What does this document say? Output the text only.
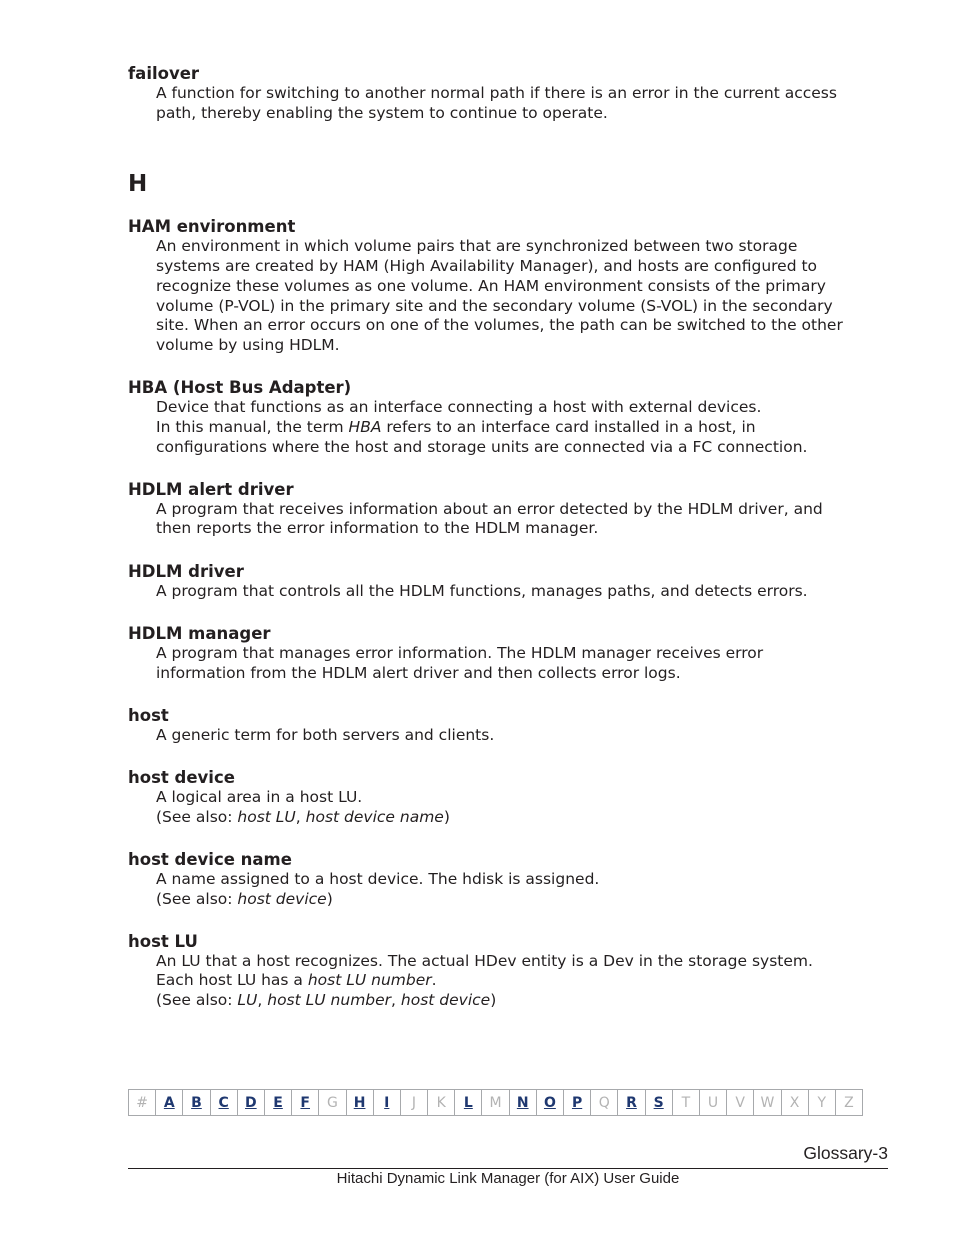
failover
A function for switching to another normal path if there is an error in the current access
path, thereby enabling the system to continue to operate.
H
HAM environment
An environment in which volume pairs that are synchronized between two storage
systems are created by HAM (High Availability Manager), and hosts are configured to
recognize these volumes as one volume. An HAM environment consists of the primary
volume (P-VOL) in the primary site and the secondary volume (S-VOL) in the secondary
site. When an error occurs on one of the volumes, the path can be switched to the other
volume by using HDLM.
HBA (Host Bus Adapter)
Device that functions as an interface connecting a host with external devices.
In this manual, the term HBA refers to an interface card installed in a host, in
configurations where the host and storage units are connected via a FC connection.
HDLM alert driver
A program that receives information about an error detected by the HDLM driver, and
then reports the error information to the HDLM manager.
HDLM driver
A program that controls all the HDLM functions, manages paths, and detects errors.
HDLM manager
A program that manages error information. The HDLM manager receives error
information from the HDLM alert driver and then collects error logs.
host
A generic term for both servers and clients.
host device
A logical area in a host LU.
(See also: host LU, host device name)
host device name
A name assigned to a host device. The hdisk is assigned.
(See also: host device)
host LU
An LU that a host recognizes. The actual HDev entity is a Dev in the storage system.
Each host LU has a host LU number.
(See also: LU, host LU number, host device)
#	A	B	C	D	E	F	G	H	I	J	K	L	M	N	O	P	Q	R	S	T	U	V	W	X	Y	Z
Glossary-3
Hitachi Dynamic Link Manager (for AIX) User Guide
